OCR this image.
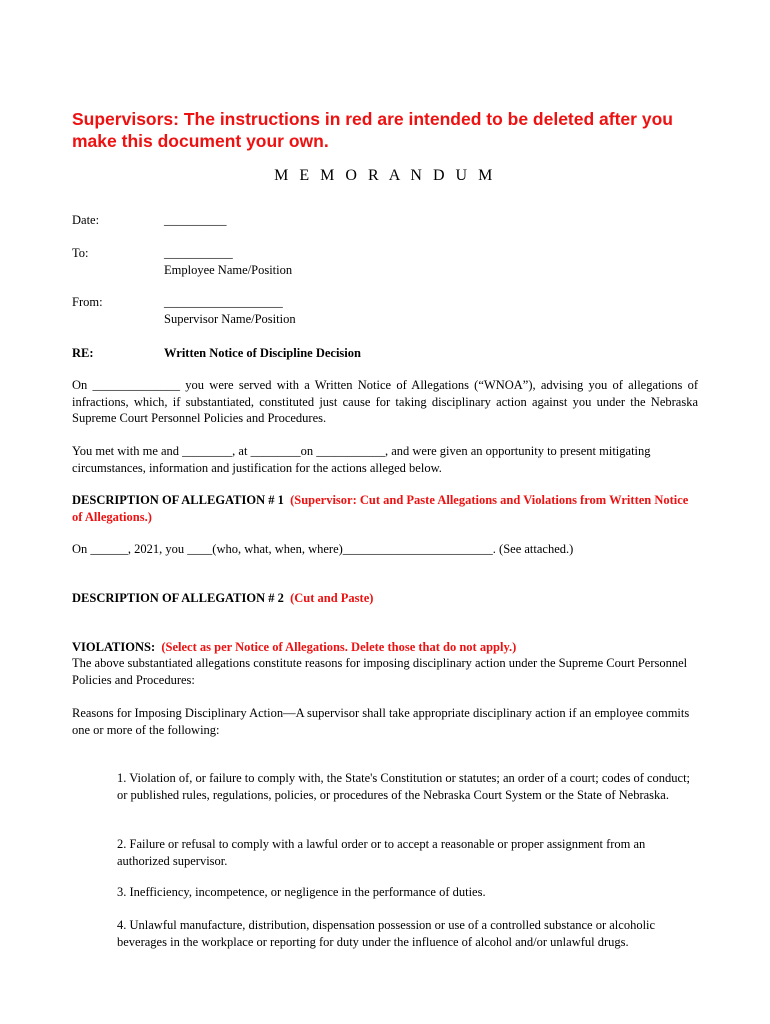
Supervisors: The instructions in red are intended to be deleted after you make this document your own.
M E M O R A N D U M
Date:	__________
To:	___________
Employee Name/Position
From:	___________________
Supervisor Name/Position
RE:	Written Notice of Discipline Decision
On ______________ you were served with a Written Notice of Allegations (“WNOA”), advising you of allegations of infractions, which, if substantiated, constituted just cause for taking disciplinary action against you under the Nebraska Supreme Court Personnel Policies and Procedures.
You met with me and ________, at ________on ___________, and were given an opportunity to present mitigating circumstances, information and justification for the actions alleged below.
DESCRIPTION OF ALLEGATION # 1 (Supervisor: Cut and Paste Allegations and Violations from Written Notice of Allegations.)
On ______, 2021, you ____(who, what, when, where)________________________. (See attached.)
DESCRIPTION OF ALLEGATION # 2 (Cut and Paste)
VIOLATIONS: (Select as per Notice of Allegations. Delete those that do not apply.)
The above substantiated allegations constitute reasons for imposing disciplinary action under the Supreme Court Personnel Policies and Procedures:
Reasons for Imposing Disciplinary Action—A supervisor shall take appropriate disciplinary action if an employee commits one or more of the following:
1. Violation of, or failure to comply with, the State's Constitution or statutes; an order of a court; codes of conduct; or published rules, regulations, policies, or procedures of the Nebraska Court System or the State of Nebraska.
2. Failure or refusal to comply with a lawful order or to accept a reasonable or proper assignment from an authorized supervisor.
3. Inefficiency, incompetence, or negligence in the performance of duties.
4. Unlawful manufacture, distribution, dispensation possession or use of a controlled substance or alcoholic beverages in the workplace or reporting for duty under the influence of alcohol and/or unlawful drugs.
